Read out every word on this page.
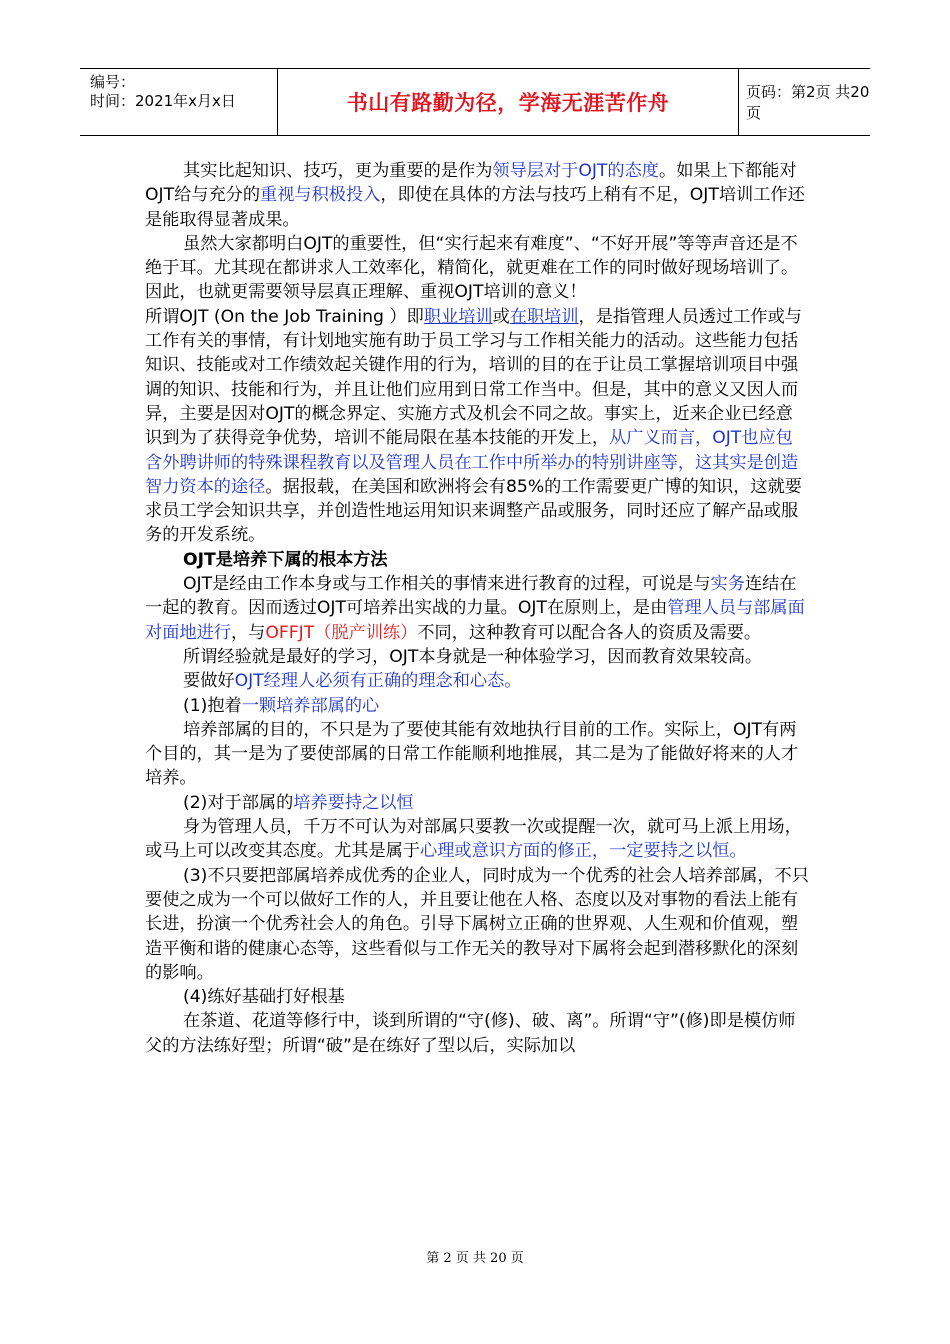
编号：
时间：2021年x月x日	书山有路勤为径，学海无涯苦作舟	页码：第2页 共20页

其实比起知识、技巧，更为重要的是作为领导层对于OJT的态度。如果上下都能对OJT给与充分的重视与积极投入，即使在具体的方法与技巧上稍有不足，OJT培训工作还是能取得显著成果。

虽然大家都明白OJT的重要性，但“实行起来有难度”、“不好开展”等等声音还是不绝于耳。尤其现在都讲求人工效率化，精简化，就更难在工作的同时做好现场培训了。因此，也就更需要领导层真正理解、重视OJT培训的意义！

所谓OJT (On the Job Training ）即职业培训或在职培训，是指管理人员透过工作或与工作有关的事情，有计划地实施有助于员工学习与工作相关能力的活动。这些能力包括知识、技能或对工作绩效起关键作用的行为，培训的目的在于让员工掌握培训项目中强调的知识、技能和行为，并且让他们应用到日常工作当中。但是，其中的意义又因人而异，主要是因对OJT的概念界定、实施方式及机会不同之故。事实上，近来企业已经意识到为了获得竞争优势，培训不能局限在基本技能的开发上，从广义而言，OJT也应包含外聘讲师的特殊课程教育以及管理人员在工作中所举办的特别讲座等，这其实是创造智力资本的途径。据报载，在美国和欧洲将会有85%的工作需要更广博的知识，这就要求员工学会知识共享，并创造性地运用知识来调整产品或服务，同时还应了解产品或服务的开发系统。

OJT是培养下属的根本方法

OJT是经由工作本身或与工作相关的事情来进行教育的过程，可说是与实务连结在一起的教育。因而透过OJT可培养出实战的力量。OJT在原则上，是由管理人员与部属面对面地进行，与OFFJT（脱产训练）不同，这种教育可以配合各人的资质及需要。

所谓经验就是最好的学习，OJT本身就是一种体验学习，因而教育效果较高。

要做好OJT经理人必须有正确的理念和心态。

(1)抱着一颗培养部属的心

培养部属的目的，不只是为了要使其能有效地执行目前的工作。实际上，OJT有两个目的，其一是为了要使部属的日常工作能顺利地推展，其二是为了能做好将来的人才培养。

(2)对于部属的培养要持之以恒

身为管理人员，千万不可认为对部属只要教一次或提醒一次，就可马上派上用场，或马上可以改变其态度。尤其是属于心理或意识方面的修正，一定要持之以恒。

(3)不只要把部属培养成优秀的企业人，同时成为一个优秀的社会人培养部属，不只要使之成为一个可以做好工作的人，并且要让他在人格、态度以及对事物的看法上能有长进，扮演一个优秀社会人的角色。引导下属树立正确的世界观、人生观和价值观，塑造平衡和谐的健康心态等，这些看似与工作无关的教导对下属将会起到潜移默化的深刻的影响。

(4)练好基础打好根基

在茶道、花道等修行中，谈到所谓的“守(修)、破、离”。所谓“守”(修)即是模仿师父的方法练好型；所谓“破”是在练好了型以后，实际加以

第 2 页 共 20 页
